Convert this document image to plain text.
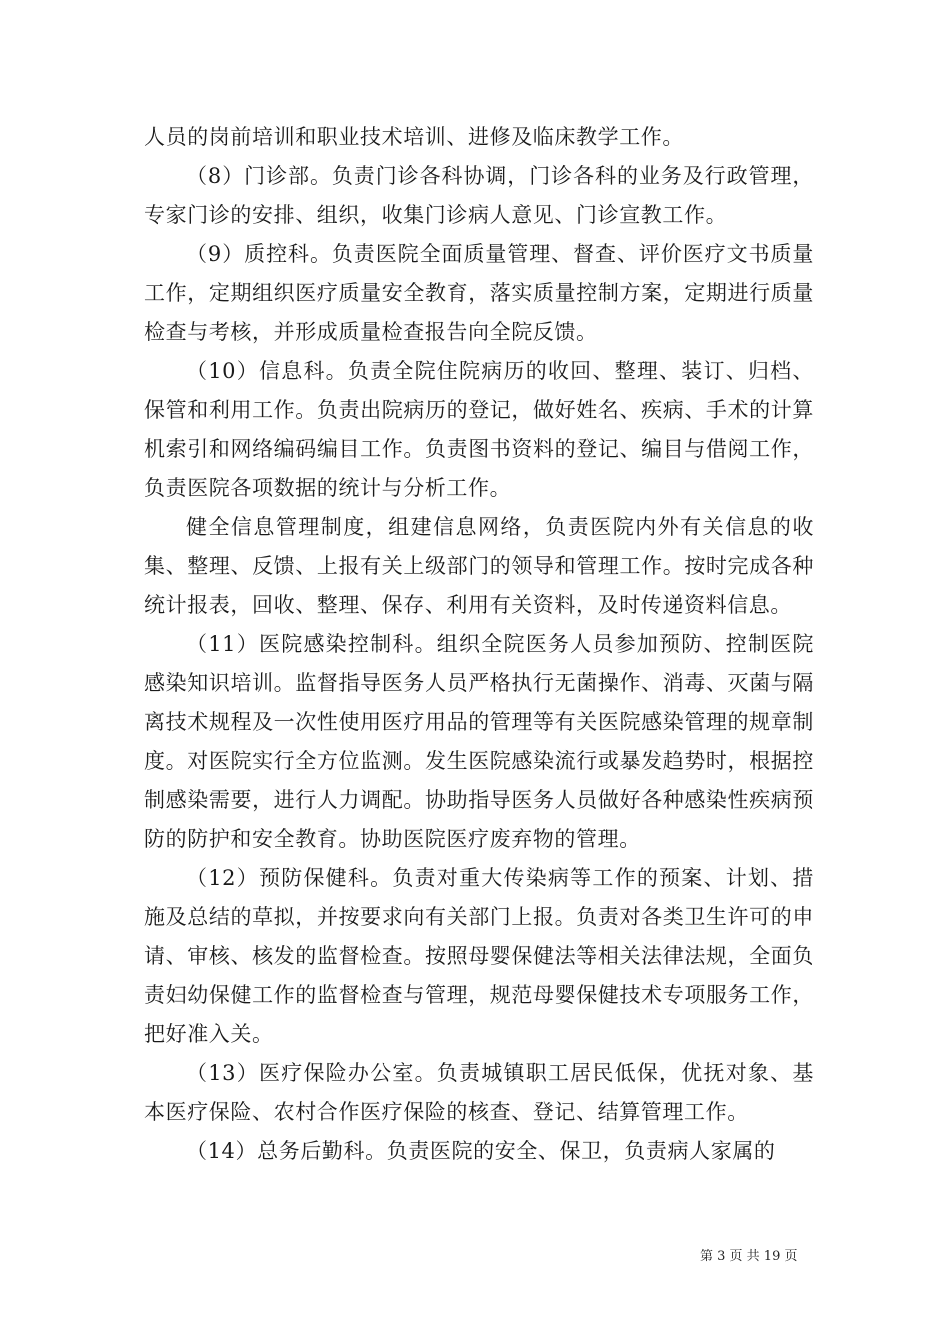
人员的岗前培训和职业技术培训、进修及临床教学工作。

（8）门诊部。负责门诊各科协调，门诊各科的业务及行政管理，专家门诊的安排、组织，收集门诊病人意见、门诊宣教工作。

（9）质控科。负责医院全面质量管理、督查、评价医疗文书质量工作，定期组织医疗质量安全教育，落实质量控制方案，定期进行质量检查与考核，并形成质量检查报告向全院反馈。

（10）信息科。负责全院住院病历的收回、整理、装订、归档、保管和利用工作。负责出院病历的登记，做好姓名、疾病、手术的计算机索引和网络编码编目工作。负责图书资料的登记、编目与借阅工作，负责医院各项数据的统计与分析工作。

健全信息管理制度，组建信息网络，负责医院内外有关信息的收集、整理、反馈、上报有关上级部门的领导和管理工作。按时完成各种统计报表，回收、整理、保存、利用有关资料，及时传递资料信息。

（11）医院感染控制科。组织全院医务人员参加预防、控制医院感染知识培训。监督指导医务人员严格执行无菌操作、消毒、灭菌与隔离技术规程及一次性使用医疗用品的管理等有关医院感染管理的规章制度。对医院实行全方位监测。发生医院感染流行或暴发趋势时，根据控制感染需要，进行人力调配。协助指导医务人员做好各种感染性疾病预防的防护和安全教育。协助医院医疗废弃物的管理。

（12）预防保健科。负责对重大传染病等工作的预案、计划、措施及总结的草拟，并按要求向有关部门上报。负责对各类卫生许可的申请、审核、核发的监督检查。按照母婴保健法等相关法律法规，全面负责妇幼保健工作的监督检查与管理，规范母婴保健技术专项服务工作，把好准入关。

（13）医疗保险办公室。负责城镇职工居民低保，优抚对象、基本医疗保险、农村合作医疗保险的核查、登记、结算管理工作。

（14）总务后勤科。负责医院的安全、保卫，负责病人家属的

第 3 页 共 19 页
